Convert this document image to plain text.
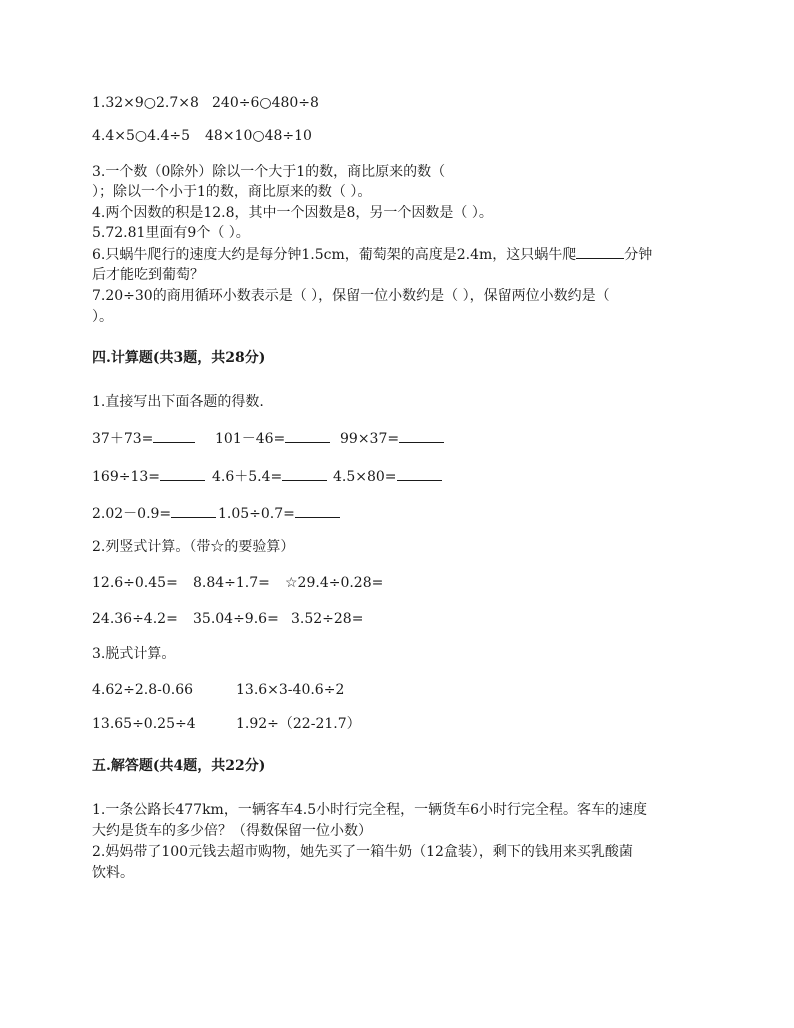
1.32×9○2.7×8 240÷6○480÷8
4.4×5○4.4÷5 48×10○48÷10
3.一个数（0除外）除以一个大于1的数，商比原来的数（
）；除以一个小于1的数，商比原来的数（ ）。
4.两个因数的积是12.8，其中一个因数是8，另一个因数是（ ）。
5.72.81里面有9个（ ）。
6.只蜗牛爬行的速度大约是每分钟1.5cm，葡萄架的高度是2.4m，这只蜗牛爬	分钟
后才能吃到葡萄？
7.20÷30的商用循环小数表示是（ ），保留一位小数约是（ ），保留两位小数约是（
）。
四.计算题(共3题，共28分)
1.直接写出下面各题的得数.
37＋73=	101－46=	99×37=
169÷13=	4.6＋5.4=	4.5×80=
2.02－0.9=	1.05÷0.7=
2.列竖式计算。（带☆的要验算）
12.6÷0.45= 8.84÷1.7= ☆29.4÷0.28=
24.36÷4.2= 35.04÷9.6= 3.52÷28=
3.脱式计算。
4.62÷2.8-0.66	13.6×3-40.6÷2
13.65÷0.25÷4	1.92÷（22-21.7）
五.解答题(共4题，共22分)
1.一条公路长477km，一辆客车4.5小时行完全程，一辆货车6小时行完全程。客车的速度
大约是货车的多少倍？（得数保留一位小数）
2.妈妈带了100元钱去超市购物，她先买了一箱牛奶（12盒装），剩下的钱用来买乳酸菌
饮料。
